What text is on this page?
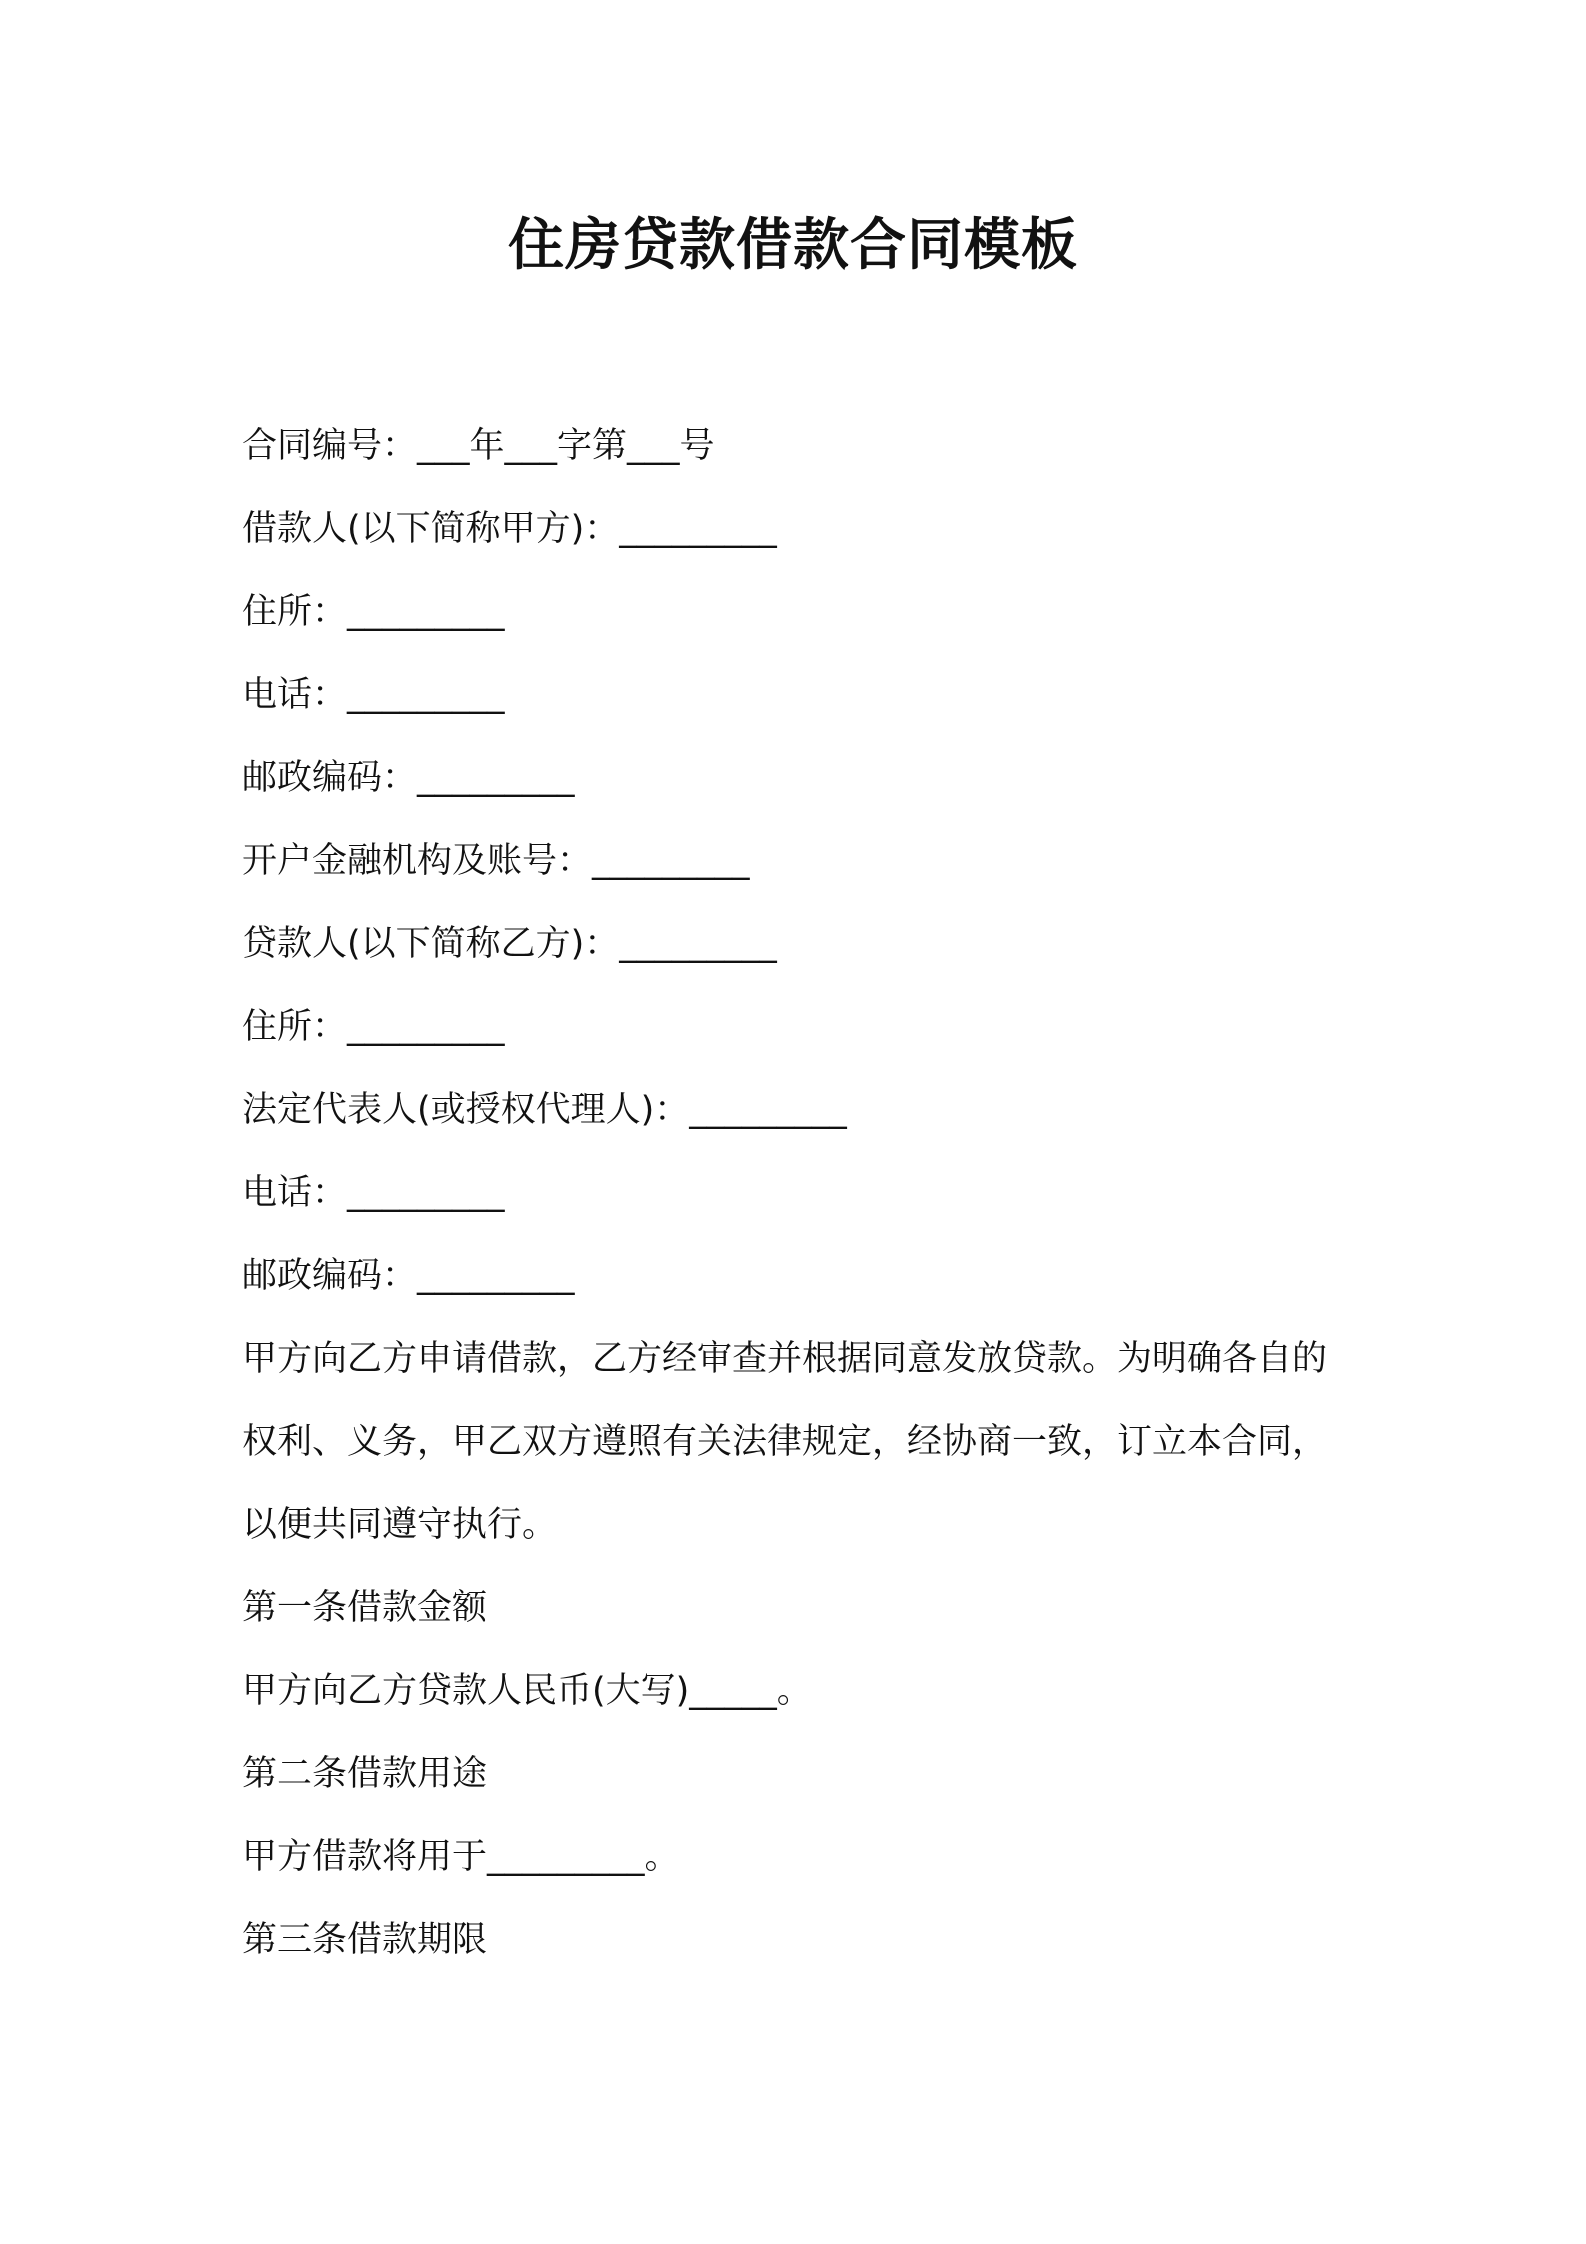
住房贷款借款合同模板

合同编号：___年___字第___号

借款人(以下简称甲方)：_________

住所：_________

电话：_________

邮政编码：_________

开户金融机构及账号：_________

贷款人(以下简称乙方)：_________

住所：_________

法定代表人(或授权代理人)：_________

电话：_________

邮政编码：_________

甲方向乙方申请借款，乙方经审查并根据同意发放贷款。为明确各自的权利、义务，甲乙双方遵照有关法律规定，经协商一致，订立本合同，以便共同遵守执行。

第一条借款金额

甲方向乙方贷款人民币(大写)_____。

第二条借款用途

甲方借款将用于_________。

第三条借款期限
